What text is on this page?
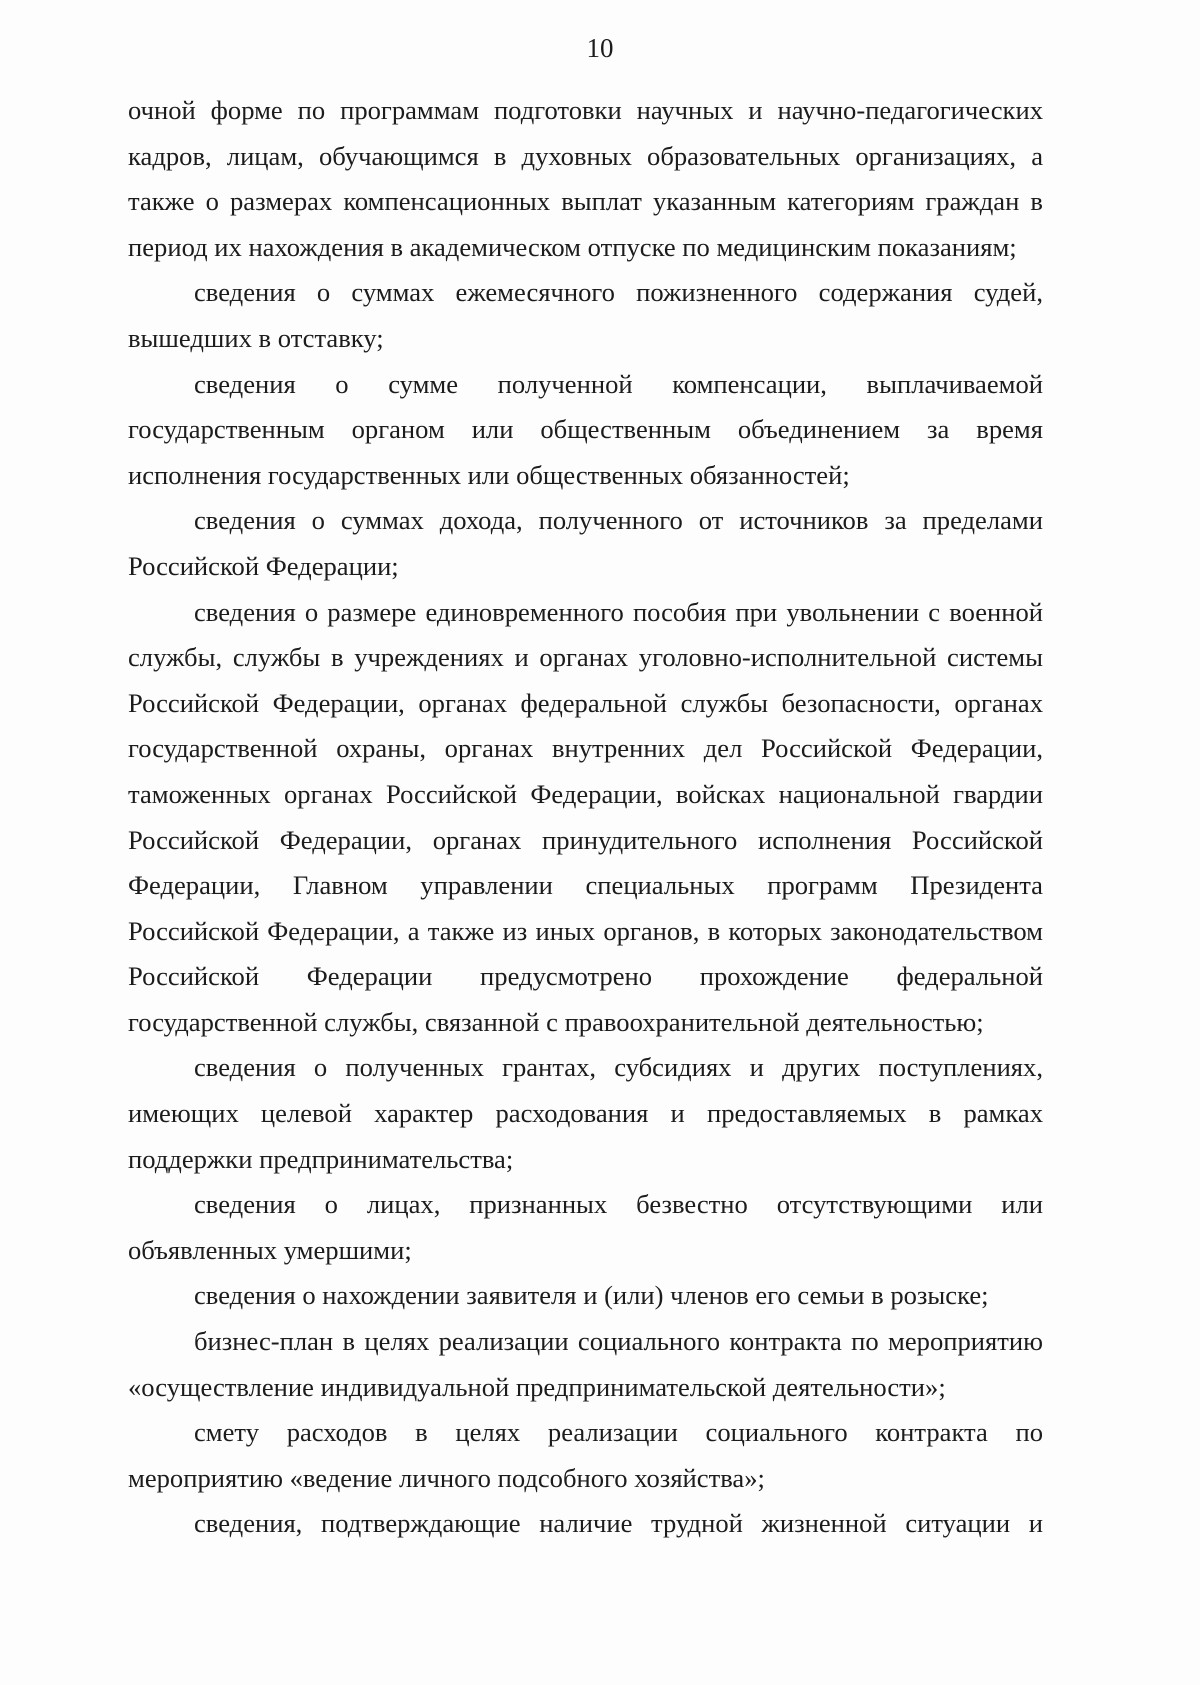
10

очной форме по программам подготовки научных и научно-педагогических кадров, лицам, обучающимся в духовных образовательных организациях, а также о размерах компенсационных выплат указанным категориям граждан в период их нахождения в академическом отпуске по медицинским показаниям;

сведения о суммах ежемесячного пожизненного содержания судей, вышедших в отставку;

сведения о сумме полученной компенсации, выплачиваемой государственным органом или общественным объединением за время исполнения государственных или общественных обязанностей;

сведения о суммах дохода, полученного от источников за пределами Российской Федерации;

сведения о размере единовременного пособия при увольнении с военной службы, службы в учреждениях и органах уголовно-исполнительной системы Российской Федерации, органах федеральной службы безопасности, органах государственной охраны, органах внутренних дел Российской Федерации, таможенных органах Российской Федерации, войсках национальной гвардии Российской Федерации, органах принудительного исполнения Российской Федерации, Главном управлении специальных программ Президента Российской Федерации, а также из иных органов, в которых законодательством Российской Федерации предусмотрено прохождение федеральной государственной службы, связанной с правоохранительной деятельностью;

сведения о полученных грантах, субсидиях и других поступлениях, имеющих целевой характер расходования и предоставляемых в рамках поддержки предпринимательства;

сведения о лицах, признанных безвестно отсутствующими или объявленных умершими;

сведения о нахождении заявителя и (или) членов его семьи в розыске;

бизнес-план в целях реализации социального контракта по мероприятию «осуществление индивидуальной предпринимательской деятельности»;

смету расходов в целях реализации социального контракта по мероприятию «ведение личного подсобного хозяйства»;

сведения, подтверждающие наличие трудной жизненной ситуации и
